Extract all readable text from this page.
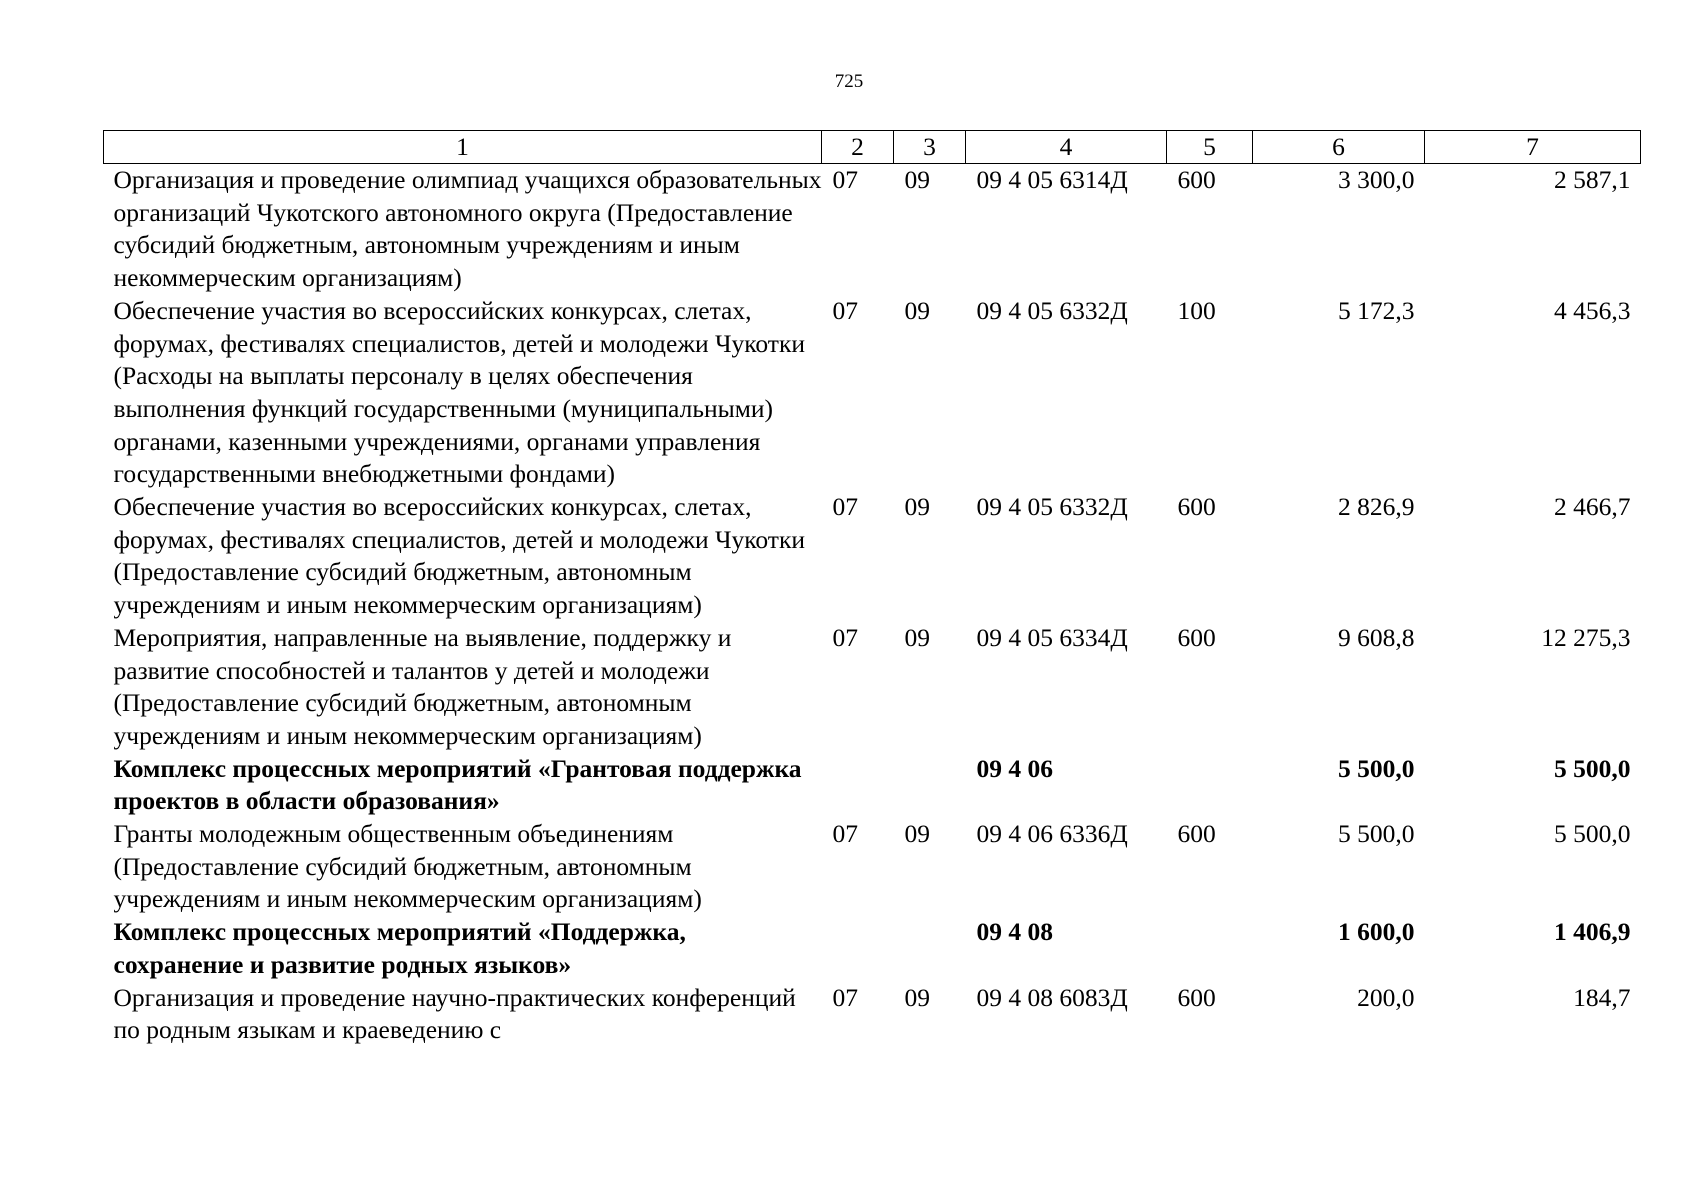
725
1	2	3	4	5	6	7
Организация и проведение олимпиад учащихся образовательных организаций Чукотского автономного округа (Предоставление субсидий бюджетным, автономным учреждениям и иным некоммерческим организациям)	07	09	09 4 05 6314Д	600	3 300,0	2 587,1
Обеспечение участия во всероссийских конкурсах, слетах, форумах, фестивалях специалистов, детей и молодежи Чукотки (Расходы на выплаты персоналу в целях обеспечения выполнения функций государственными (муниципальными) органами, казенными учреждениями, органами управления государственными внебюджетными фондами)	07	09	09 4 05 6332Д	100	5 172,3	4 456,3
Обеспечение участия во всероссийских конкурсах, слетах, форумах, фестивалях специалистов, детей и молодежи Чукотки (Предоставление субсидий бюджетным, автономным учреждениям и иным некоммерческим организациям)	07	09	09 4 05 6332Д	600	2 826,9	2 466,7
Мероприятия, направленные на выявление, поддержку и развитие способностей и талантов у детей и молодежи (Предоставление субсидий бюджетным, автономным учреждениям и иным некоммерческим организациям)	07	09	09 4 05 6334Д	600	9 608,8	12 275,3
Комплекс процессных мероприятий «Грантовая поддержка проектов в области образования»			09 4 06		5 500,0	5 500,0
Гранты молодежным общественным объединениям (Предоставление субсидий бюджетным, автономным учреждениям и иным некоммерческим организациям)	07	09	09 4 06 6336Д	600	5 500,0	5 500,0
Комплекс процессных мероприятий «Поддержка, сохранение и развитие родных языков»			09 4 08		1 600,0	1 406,9
Организация и проведение научно-практических конференций по родным языкам и краеведению с	07	09	09 4 08 6083Д	600	200,0	184,7
